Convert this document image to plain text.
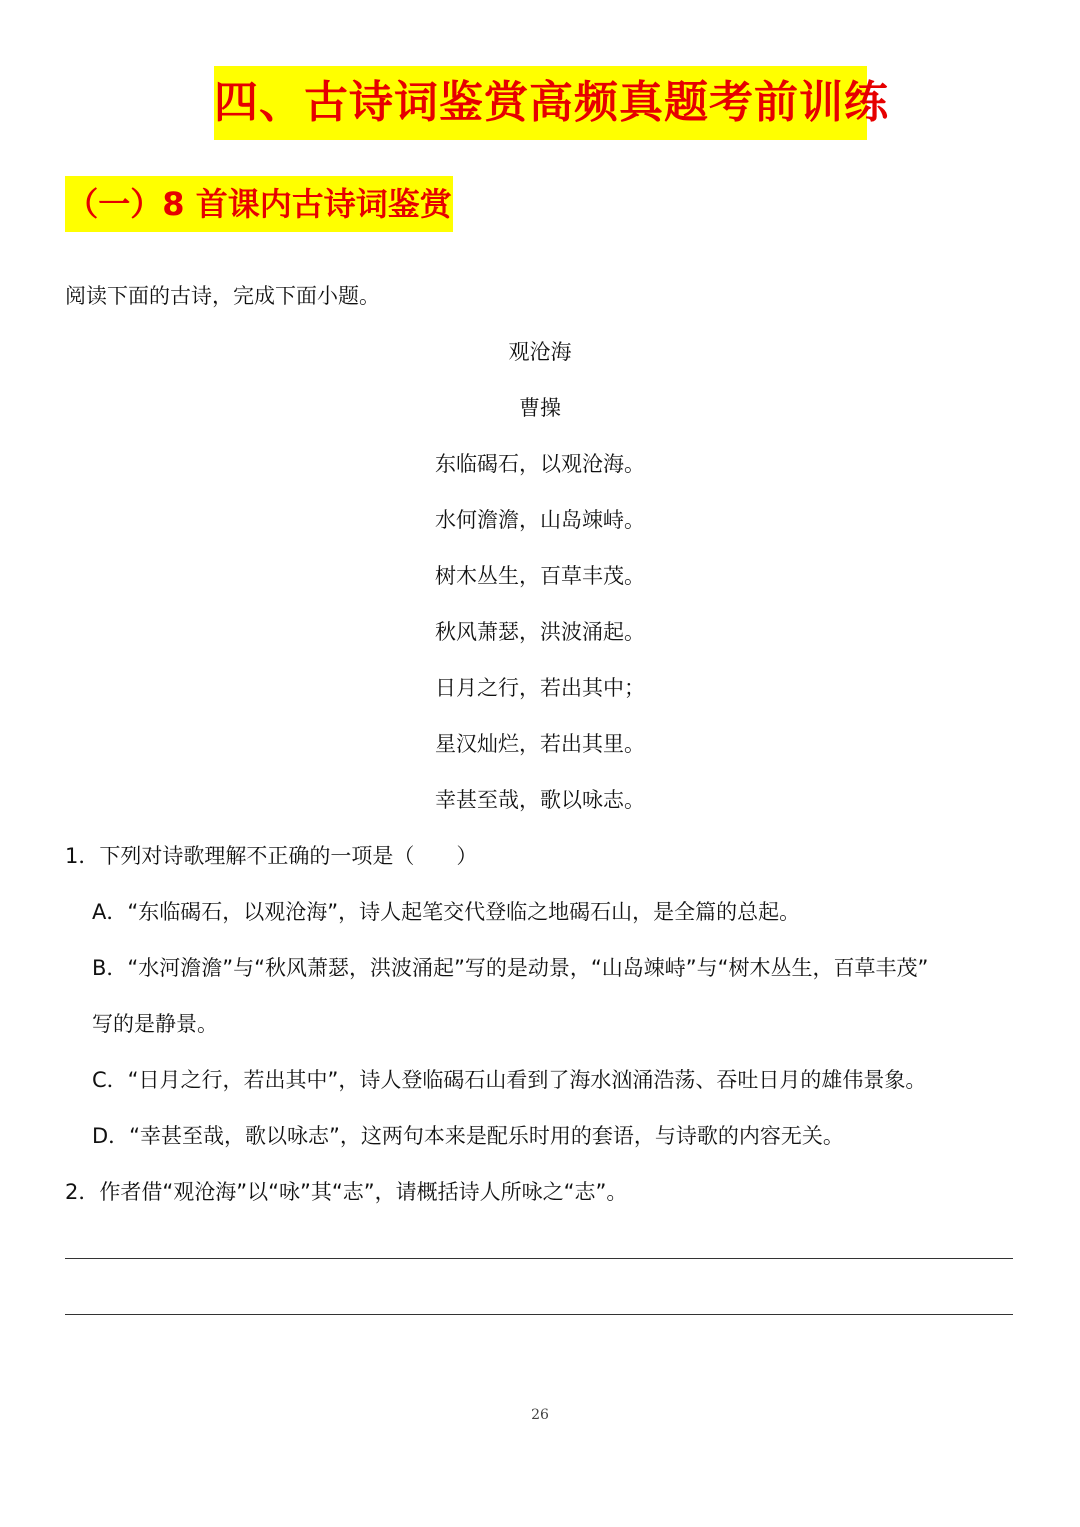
四、古诗词鉴赏高频真题考前训练
（一）8 首课内古诗词鉴赏
阅读下面的古诗，完成下面小题。
观沧海
曹操
东临碣石，以观沧海。
水何澹澹，山岛竦峙。
树木丛生，百草丰茂。
秋风萧瑟，洪波涌起。
日月之行，若出其中；
星汉灿烂，若出其里。
幸甚至哉，歌以咏志。
1．下列对诗歌理解不正确的一项是（　　）
A．“东临碣石，以观沧海”，诗人起笔交代登临之地碣石山，是全篇的总起。
B．“水河澹澹”与“秋风萧瑟，洪波涌起”写的是动景，“山岛竦峙”与“树木丛生，百草丰茂”
写的是静景。
C．“日月之行，若出其中”，诗人登临碣石山看到了海水汹涌浩荡、吞吐日月的雄伟景象。
D．“幸甚至哉，歌以咏志”，这两句本来是配乐时用的套语，与诗歌的内容无关。
2．作者借“观沧海”以“咏”其“志”，请概括诗人所咏之“志”。
26
